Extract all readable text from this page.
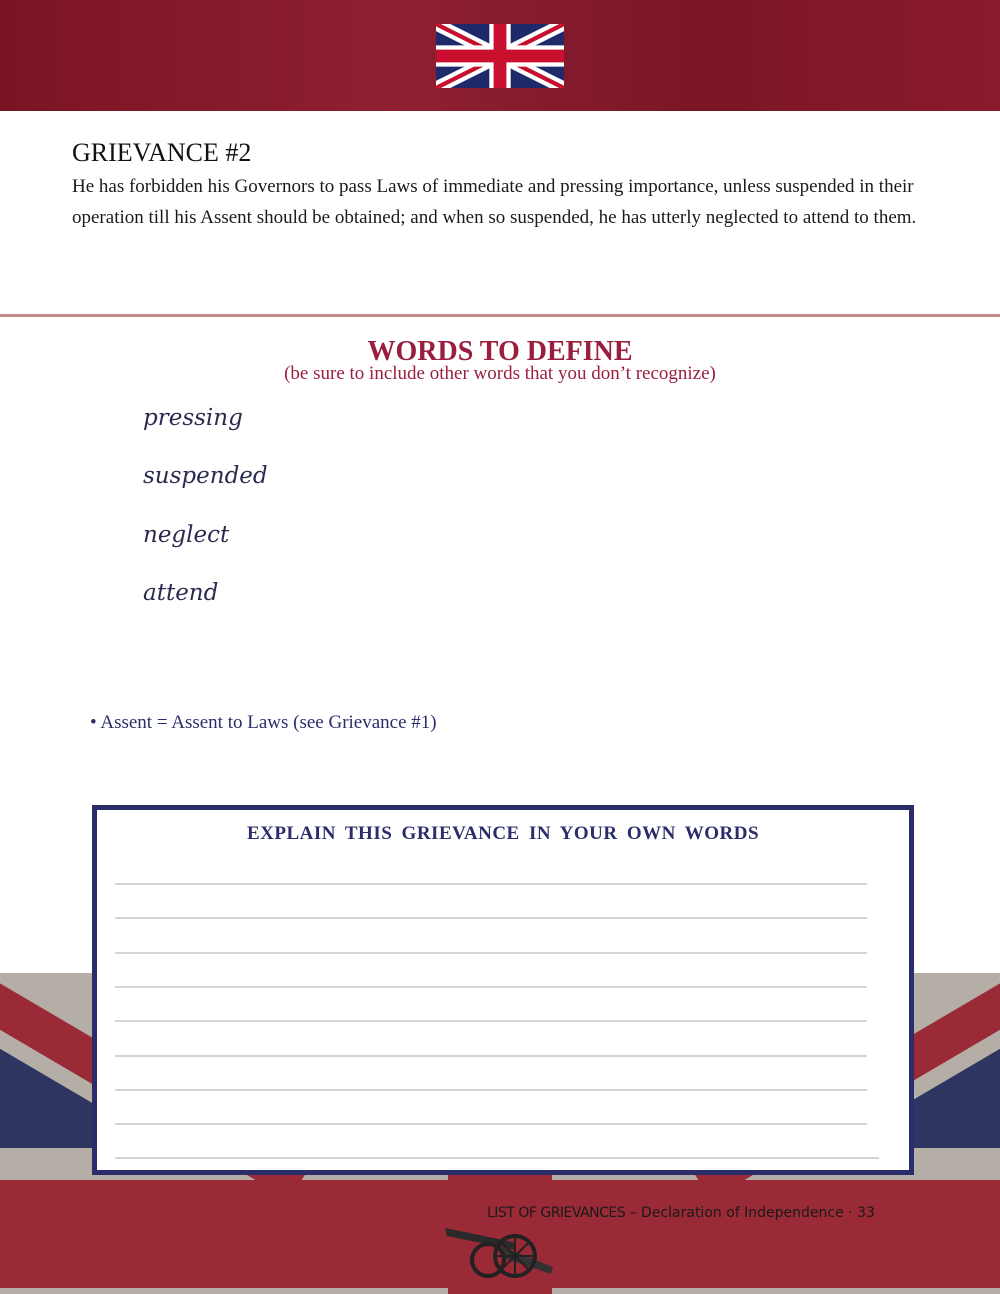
GRIEVANCE #2

He has forbidden his Governors to pass Laws of immediate and pressing importance, unless suspended in their operation till his Assent should be obtained; and when so suspended, he has utterly neglected to attend to them.

WORDS TO DEFINE
(be sure to include other words that you don’t recognize)
pressing
suspended
neglect
attend
• Assent = Assent to Laws (see Grievance #1)
EXPLAIN THIS GRIEVANCE IN YOUR OWN WORDS
LIST OF GRIEVANCES – Declaration of Independence · 33
